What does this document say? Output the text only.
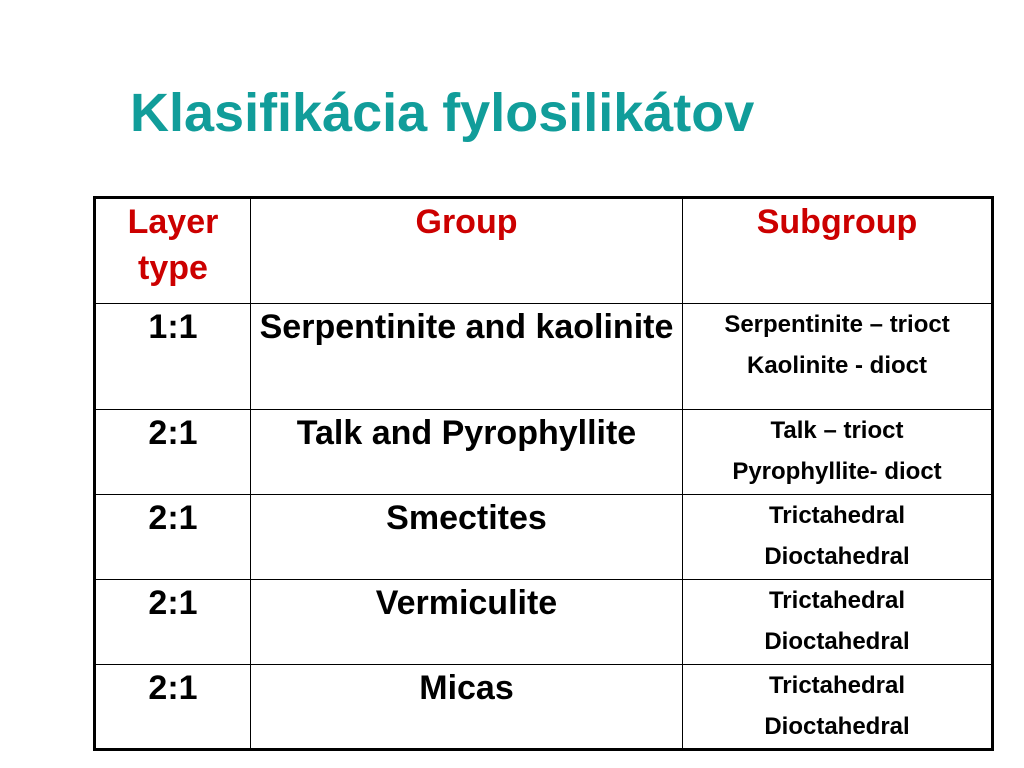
Klasifikácia fylosilikátov
Layer
type	Group	Subgroup
1:1	Serpentinite and kaolinite	Serpentinite – trioct
Kaolinite - dioct

2:1	Talk and Pyrophyllite	Talk – trioct
Pyrophyllite- dioct

2:1	Smectites	Trictahedral
Dioctahedral

2:1	Vermiculite	Trictahedral
Dioctahedral

2:1	Micas	Trictahedral
Dioctahedral
